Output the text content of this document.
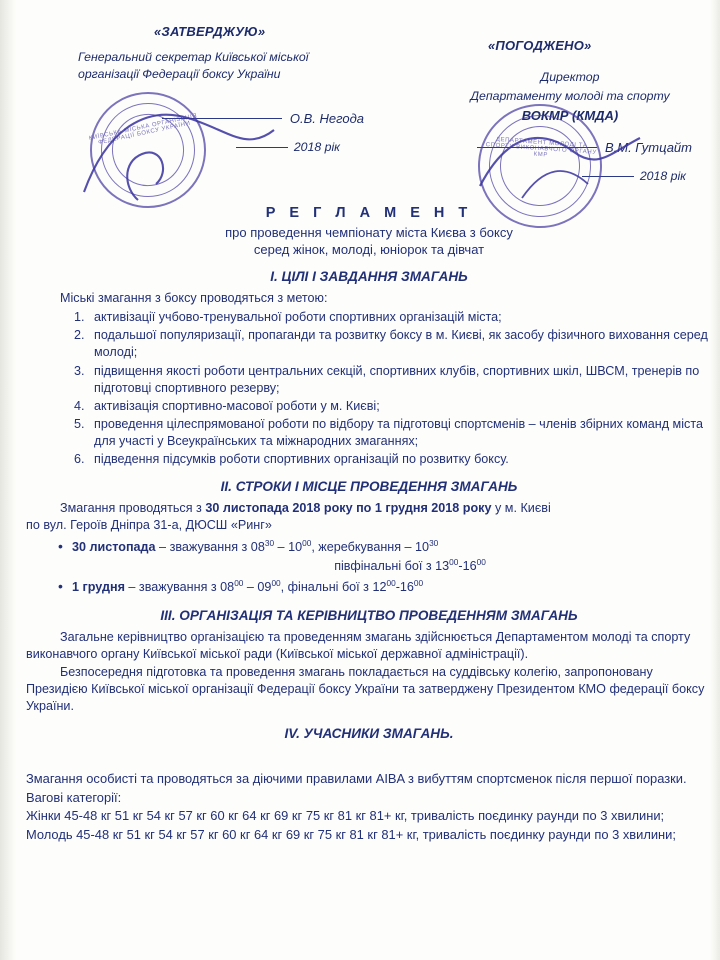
«ЗАТВЕРДЖУЮ»
Генеральний секретар Київської міської
організації Федерації боксу України
О.В. Негода
2018 рік
«ПОГОДЖЕНО»
Директор
Департаменту молоді та спорту
ВОКМР (КМДА)
В.М. Гутцайт
2018 рік
КИЇВСЬКА МІСЬКА ОРГАНІЗАЦІЯ ФЕДЕРАЦІЇ БОКСУ УКРАЇНИ	ДЕПАРТАМЕНТ МОЛОДІ ТА СПОРТУ ВИКОНАВЧОГО ОРГАНУ КМР
Р Е Г Л А М Е Н Т
про проведення чемпіонату міста Києва з боксу
серед жінок, молоді, юніорок та дівчат
І. ЦІЛІ І ЗАВДАННЯ ЗМАГАНЬ

Міські змагання з боксу проводяться з метою:

1. активізації учбово-тренувальної роботи спортивних організацій міста;
2. подальшої популяризації, пропаганди та розвитку боксу в м. Києві, як засобу фізичного виховання серед молоді;
3. підвищення якості роботи центральних секцій, спортивних клубів, спортивних шкіл, ШВСМ, тренерів по підготовці спортивного резерву;
4. активізація спортивно-масової роботи у м. Києві;
5. проведення цілеспрямованої роботи по відбору та підготовці спортсменів – членів збірних команд міста для участі у Всеукраїнських та міжнародних змаганнях;
6. підведення підсумків роботи спортивних організацій по розвитку боксу.
ІІ. СТРОКИ І МІСЦЕ ПРОВЕДЕННЯ ЗМАГАНЬ

Змагання проводяться з 30 листопада 2018 року по 1 грудня 2018 року у м. Києві

по вул. Героїв Дніпра 31-а, ДЮСШ «Ринг»

• 30 листопада – зважування з $08^{30} - 10^{00}$, жеребкування – $10^{30}$
півфінальні бої з $13^{00}-16^{00}$
• 1 грудня – зважування з $08^{00} - 09^{00}$, фінальні бої з $12^{00}-16^{00}$
ІІІ. ОРГАНІЗАЦІЯ ТА КЕРІВНИЦТВО ПРОВЕДЕННЯМ ЗМАГАНЬ

Загальне керівництво організацією та проведенням змагань здійснюється Департаментом молоді та спорту виконавчого органу Київської міської ради (Київської міської державної адміністрації).

Безпосередня підготовка та проведення змагань покладається на суддівську колегію, запропоновану Президією Київської міської організації Федерації боксу України та затверджену Президентом КМО федерації боксу України.

IV. УЧАСНИКИ ЗМАГАНЬ.

Змагання особисті та проводяться за діючими правилами AIBA з вибуттям спортсменок після першої поразки.

Вагові категорії:

Жінки 45-48 кг 51 кг 54 кг 57 кг 60 кг 64 кг 69 кг 75 кг 81 кг 81+ кг, тривалість поєдинку раунди по 3 хвилини;

Молодь 45-48 кг 51 кг 54 кг 57 кг 60 кг 64 кг 69 кг 75 кг 81 кг 81+ кг, тривалість поєдинку раунди по 3 хвилини;
